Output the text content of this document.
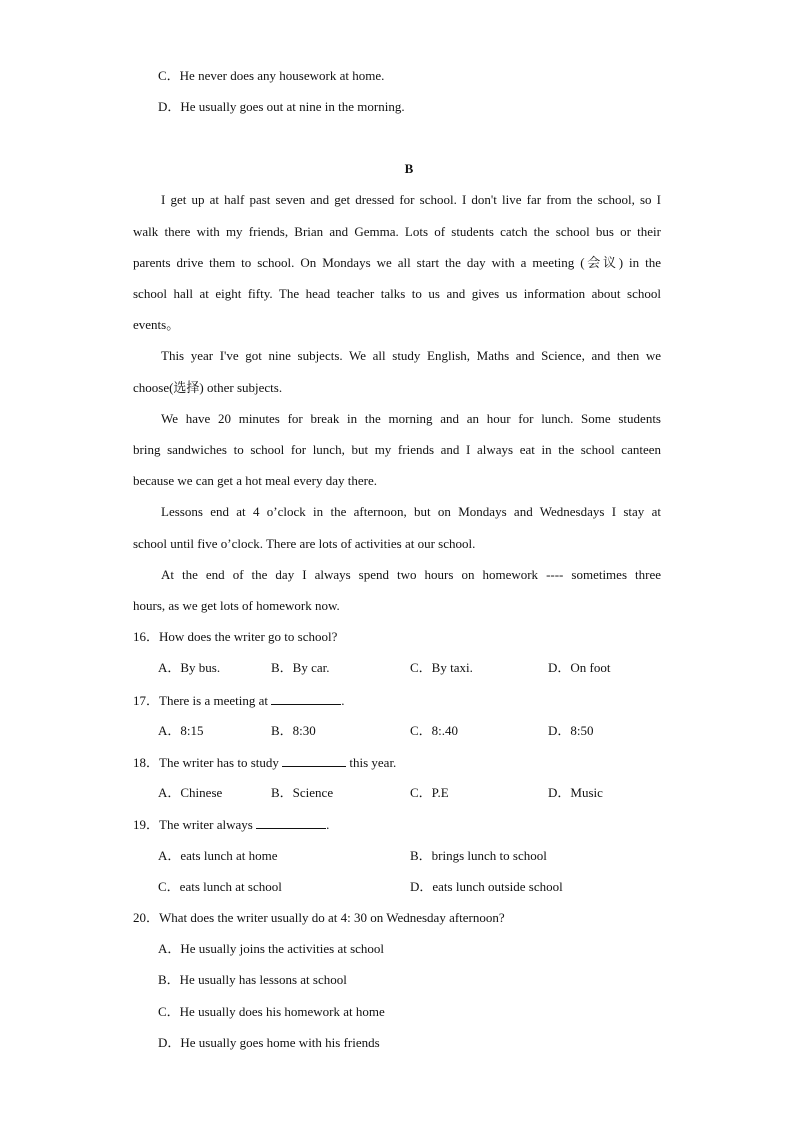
C．He never does any housework at home.
D．He usually goes out at nine in the morning.
B
I get up at half past seven and get dressed for school. I don't live far from the school, so I
walk there with my friends, Brian and Gemma. Lots of students catch the school bus or their
parents drive them to school. On Mondays we all start the day with a meeting (会议) in the
school hall at eight fifty. The head teacher talks to us and gives us information about school
events。
This year I've got nine subjects. We all study English, Maths and Science, and then we
choose(选择) other subjects.
We have 20 minutes for break in the morning and an hour for lunch. Some students
bring sandwiches to school for lunch, but my friends and I always eat in the school canteen
because we can get a hot meal every day there.
Lessons end at 4 o’clock in the afternoon, but on Mondays and Wednesdays I stay at
school until five o’clock. There are lots of activities at our school.
At the end of the day I always spend two hours on homework ---- sometimes three
hours, as we get lots of homework now.
16．How does the writer go to school?
A．By bus.	B．By car.	C．By taxi.	D．On foot
17．There is a meeting at	.
A．8:15	B．8:30	C．8:.40	D．8:50
18．The writer has to study	this year.
A．Chinese	B．Science	C．P.E	D．Music
19．The writer always	.
A．eats lunch at home	B．brings lunch to school
C．eats lunch at school	D．eats lunch outside school
20．What does the writer usually do at 4: 30 on Wednesday afternoon?
A．He usually joins the activities at school
B．He usually has lessons at school
C．He usually does his homework at home
D．He usually goes home with his friends
